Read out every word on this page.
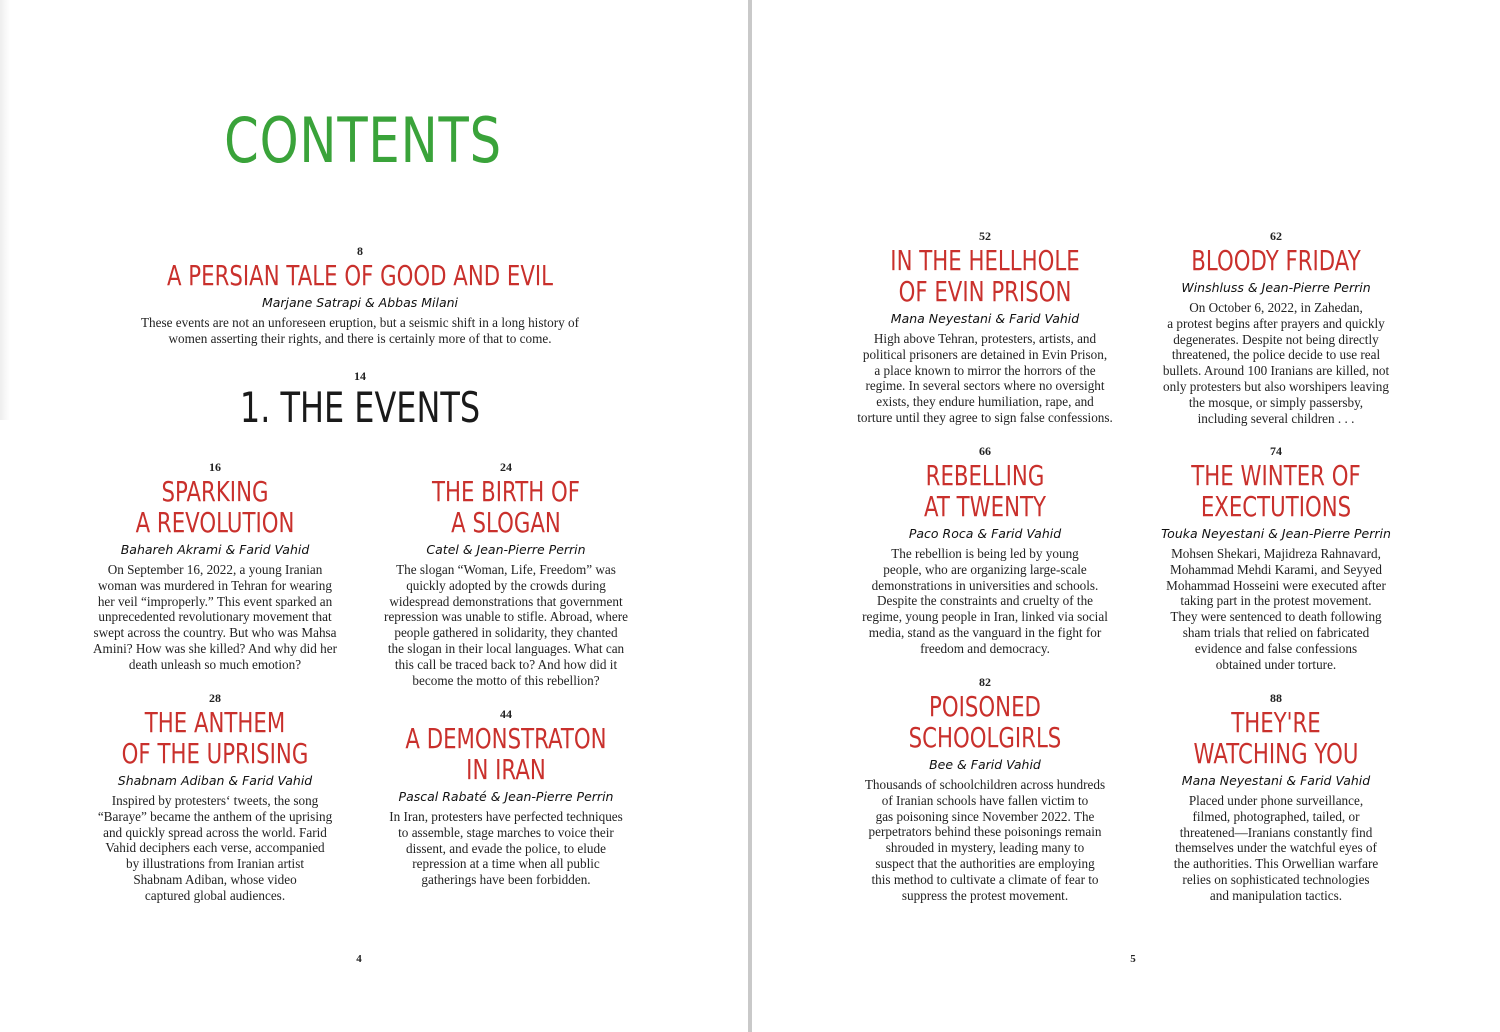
CONTENTS
8
A PERSIAN TALE OF GOOD AND EVIL
Marjane Satrapi & Abbas Milani
These events are not an unforeseen eruption, but a seismic shift in a long history of
women asserting their rights, and there is certainly more of that to come.
14
1. THE EVENTS
16
SPARKING
A REVOLUTION
Bahareh Akrami & Farid Vahid
On September 16, 2022, a young Iranian
woman was murdered in Tehran for wearing
her veil “improperly.” This event sparked an
unprecedented revolutionary movement that
swept across the country. But who was Mahsa
Amini? How was she killed? And why did her
death unleash so much emotion?
24
THE BIRTH OF
A SLOGAN
Catel & Jean-Pierre Perrin
The slogan “Woman, Life, Freedom” was
quickly adopted by the crowds during
widespread demonstrations that government
repression was unable to stifle. Abroad, where
people gathered in solidarity, they chanted
the slogan in their local languages. What can
this call be traced back to? And how did it
become the motto of this rebellion?
28
THE ANTHEM
OF THE UPRISING
Shabnam Adiban & Farid Vahid
Inspired by protesters‘ tweets, the song
“Baraye” became the anthem of the uprising
and quickly spread across the world. Farid
Vahid deciphers each verse, accompanied
by illustrations from Iranian artist
Shabnam Adiban, whose video
captured global audiences.
44
A DEMONSTRATON
IN IRAN
Pascal Rabaté & Jean-Pierre Perrin
In Iran, protesters have perfected techniques
to assemble, stage marches to voice their
dissent, and evade the police, to elude
repression at a time when all public
gatherings have been forbidden.
4
52
IN THE HELLHOLE
OF EVIN PRISON
Mana Neyestani & Farid Vahid
High above Tehran, protesters, artists, and
political prisoners are detained in Evin Prison,
a place known to mirror the horrors of the
regime. In several sectors where no oversight
exists, they endure humiliation, rape, and
torture until they agree to sign false confessions.
62
BLOODY FRIDAY
Winshluss & Jean-Pierre Perrin
On October 6, 2022, in Zahedan,
a protest begins after prayers and quickly
degenerates. Despite not being directly
threatened, the police decide to use real
bullets. Around 100 Iranians are killed, not
only protesters but also worshipers leaving
the mosque, or simply passersby,
including several children . . .
66
REBELLING
AT TWENTY
Paco Roca & Farid Vahid
The rebellion is being led by young
people, who are organizing large-scale
demonstrations in universities and schools.
Despite the constraints and cruelty of the
regime, young people in Iran, linked via social
media, stand as the vanguard in the fight for
freedom and democracy.
74
THE WINTER OF
EXECTUTIONS
Touka Neyestani & Jean-Pierre Perrin
Mohsen Shekari, Majidreza Rahnavard,
Mohammad Mehdi Karami, and Seyyed
Mohammad Hosseini were executed after
taking part in the protest movement.
They were sentenced to death following
sham trials that relied on fabricated
evidence and false confessions
obtained under torture.
82
POISONED
SCHOOLGIRLS
Bee & Farid Vahid
Thousands of schoolchildren across hundreds
of Iranian schools have fallen victim to
gas poisoning since November 2022. The
perpetrators behind these poisonings remain
shrouded in mystery, leading many to
suspect that the authorities are employing
this method to cultivate a climate of fear to
suppress the protest movement.
88
THEY'RE
WATCHING YOU
Mana Neyestani & Farid Vahid
Placed under phone surveillance,
filmed, photographed, tailed, or
threatened—Iranians constantly find
themselves under the watchful eyes of
the authorities. This Orwellian warfare
relies on sophisticated technologies
and manipulation tactics.
5
